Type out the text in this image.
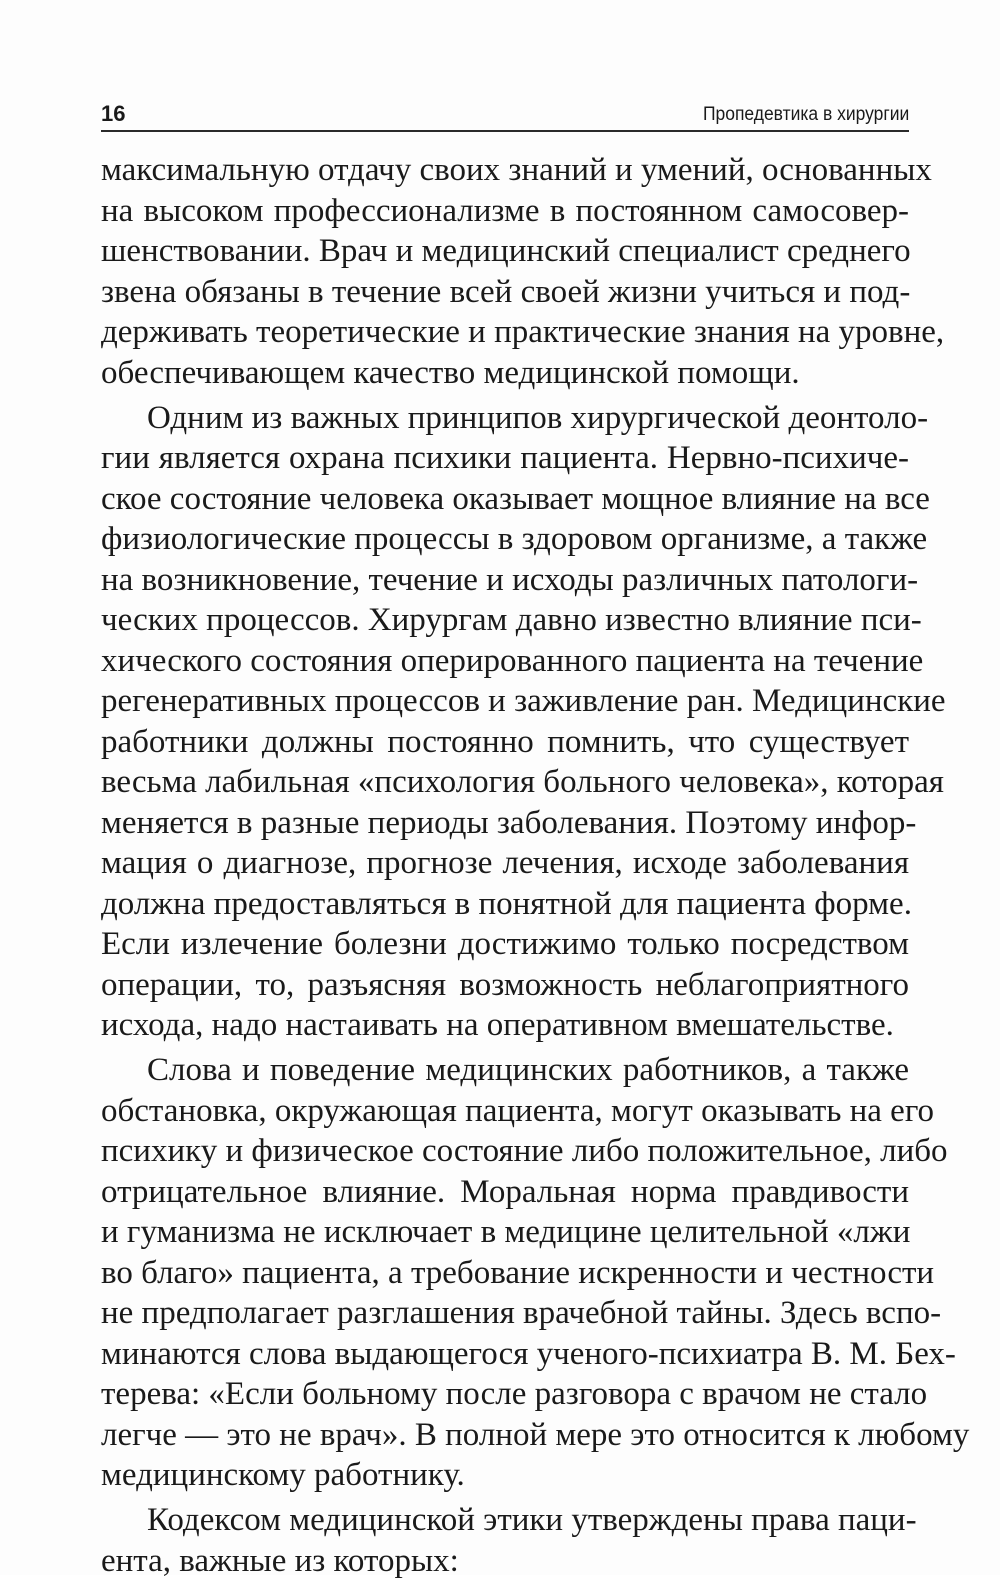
16	Пропедевтика в хирургии
максимальную отдачу своих знаний и умений, основанных
на высоком профессионализме в постоянном самосовер-
шенствовании. Врач и медицинский специалист среднего
звена обязаны в течение всей своей жизни учиться и под-
держивать теоретические и практические знания на уровне,
обеспечивающем качество медицинской помощи.
Одним из важных принципов хирургической деонтоло-
гии является охрана психики пациента. Нервно-психиче-
ское состояние человека оказывает мощное влияние на все
физиологические процессы в здоровом организме, а также
на возникновение, течение и исходы различных патологи-
ческих процессов. Хирургам давно известно влияние пси-
хического состояния оперированного пациента на течение
регенеративных процессов и заживление ран. Медицинские
работники должны постоянно помнить, что существует
весьма лабильная «психология больного человека», которая
меняется в разные периоды заболевания. Поэтому инфор-
мация о диагнозе, прогнозе лечения, исходе заболевания
должна предоставляться в понятной для пациента форме.
Если излечение болезни достижимо только посредством
операции, то, разъясняя возможность неблагоприятного
исхода, надо настаивать на оперативном вмешательстве.
Слова и поведение медицинских работников, а также
обстановка, окружающая пациента, могут оказывать на его
психику и физическое состояние либо положительное, либо
отрицательное влияние. Моральная норма правдивости
и гуманизма не исключает в медицине целительной «лжи
во благо» пациента, а требование искренности и честности
не предполагает разглашения врачебной тайны. Здесь вспо-
минаются слова выдающегося ученого-психиатра В. М. Бех-
терева: «Если больному после разговора с врачом не стало
легче — это не врач». В полной мере это относится к любому
медицинскому работнику.
Кодексом медицинской этики утверждены права паци-
ента, важные из которых:
